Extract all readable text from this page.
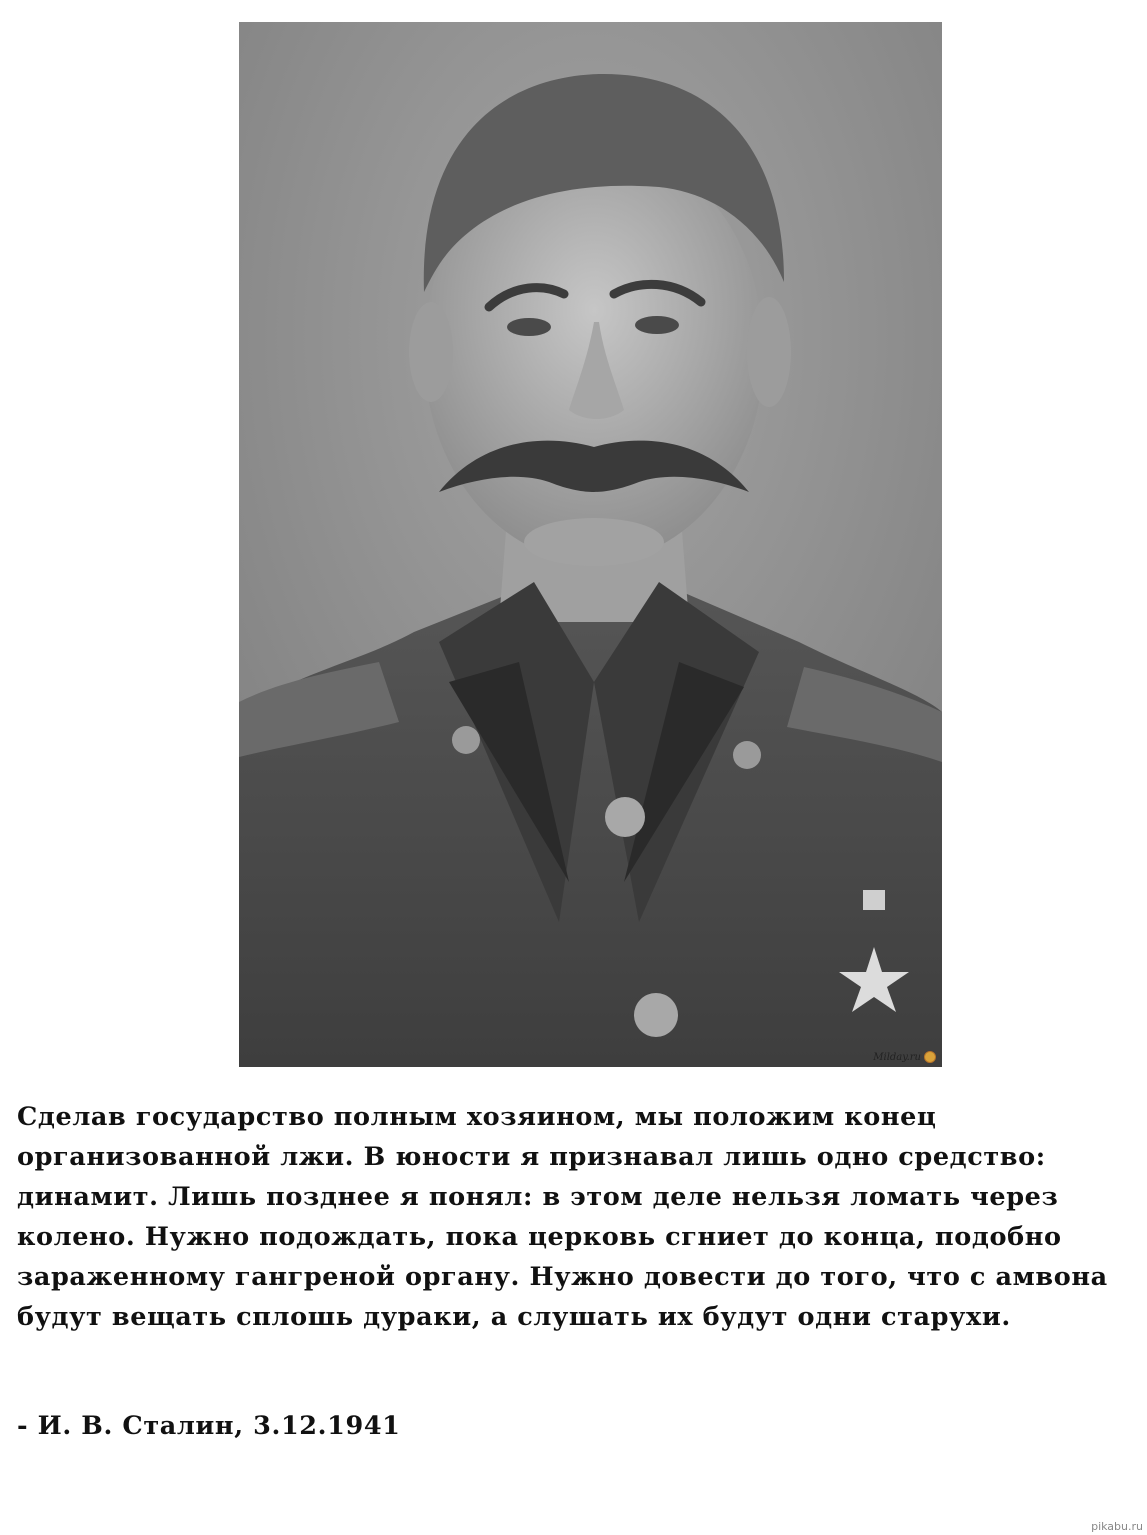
Milday.ru

Сделав государство полным хозяином, мы положим конец организованной лжи. В юности я признавал лишь одно средство: динамит. Лишь позднее я понял: в этом деле нельзя ломать через колено. Нужно подождать, пока церковь сгниет до конца, подобно зараженному гангреной органу. Нужно довести до того, что с амвона будут вещать сплошь дураки, а слушать их будут одни старухи.

- И. В. Сталин, 3.12.1941

pikabu.ru
